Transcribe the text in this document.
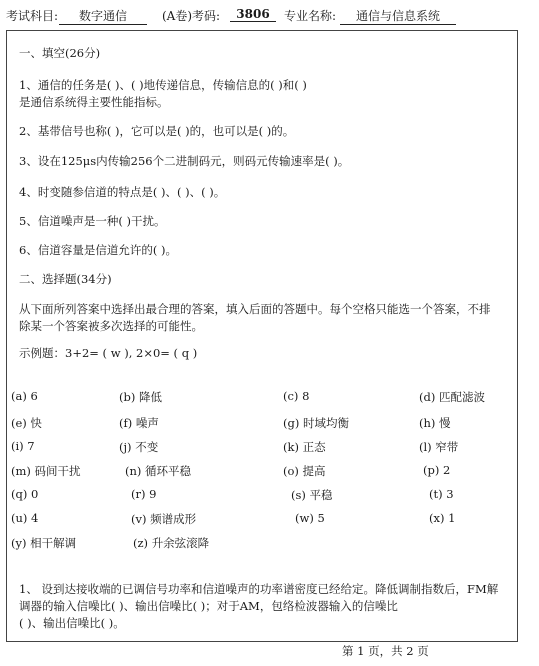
考试科目:	数字通信	(A卷)考码:	3806	专业名称:	通信与信息系统
一、填空(26分)
1、通信的任务是( )、( )地传递信息，传输信息的( )和( )
是通信系统得主要性能指标。
2、基带信号也称( )，它可以是( )的，也可以是( )的。
3、设在125μs内传输256个二进制码元，则码元传输速率是( )。
4、时变随参信道的特点是( )、( )、( )。
5、信道噪声是一种( )干扰。
6、信道容量是信道允许的( )。
二、选择题(34分)
从下面所列答案中选择出最合理的答案，填入后面的答题中。每个空格只能选一个答案，不排
除某一个答案被多次选择的可能性。
示例题：3+2= ( w ), 2×0= ( q )
(a) 6	(b) 降低	(c) 8	(d) 匹配滤波
(e) 快	(f) 噪声	(g) 时域均衡	(h) 慢
(i) 7	(j) 不变	(k) 正态	(l) 窄带
(m) 码间干扰	(n) 循环平稳	(o) 提高	(p) 2
(q) 0	(r) 9	(s) 平稳	(t) 3
(u) 4	(v) 频谱成形	(w) 5	(x) 1
(y) 相干解调	(z) 升余弦滚降
1、 设到达接收端的已调信号功率和信道噪声的功率谱密度已经给定。降低调制指数后，FM解
调器的输入信噪比( )、输出信噪比( )；对于AM，包络检波器输入的信噪比
( )、输出信噪比( )。
第 1 页，共 2 页
